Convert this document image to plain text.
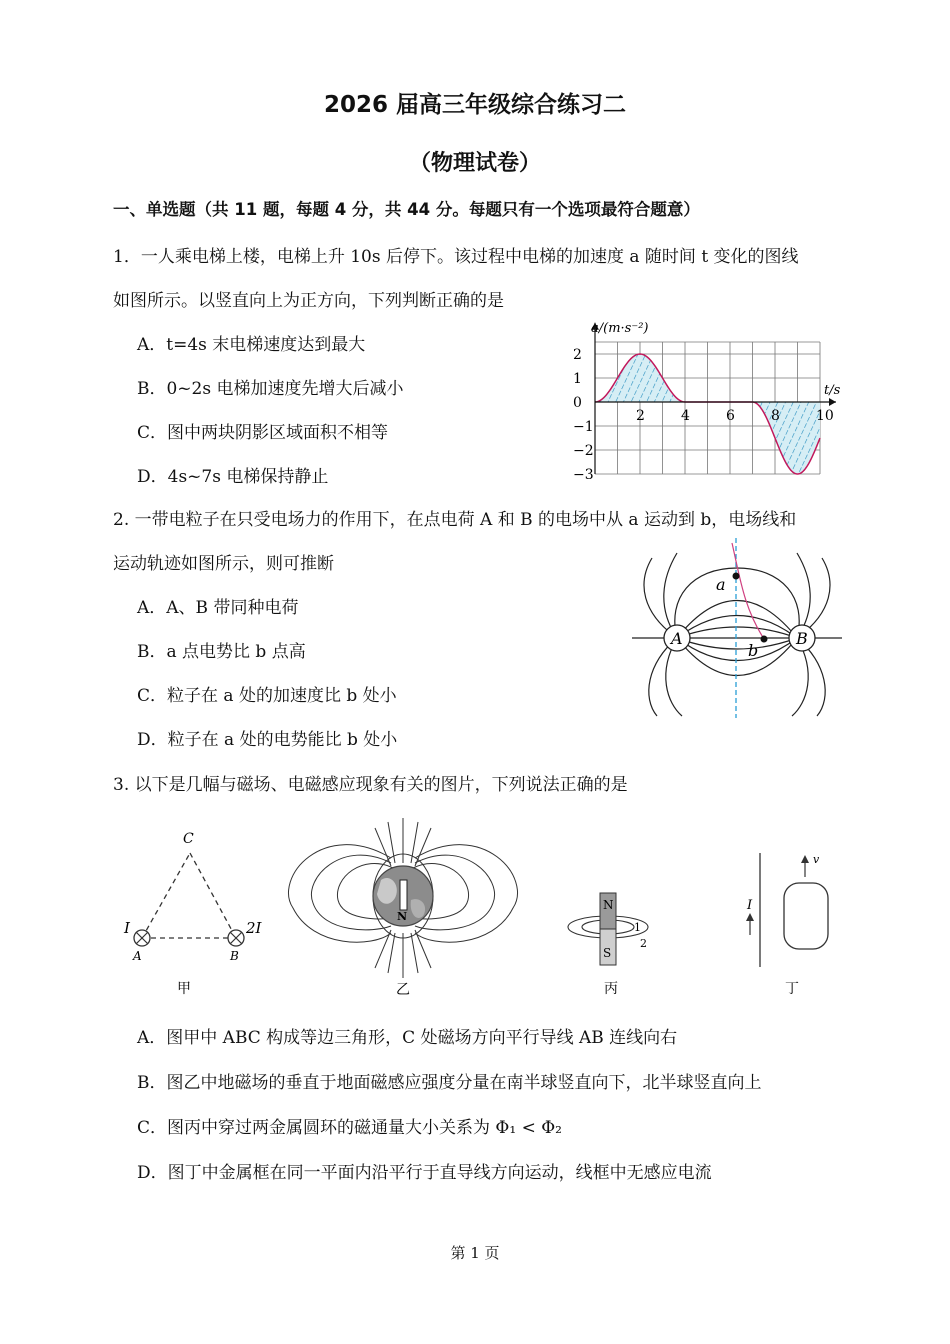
2026 届高三年级综合练习二
（物理试卷）
一、单选题（共 11 题，每题 4 分，共 44 分。每题只有一个选项最符合题意）
1．一人乘电梯上楼，电梯上升 10s 后停下。该过程中电梯的加速度 a 随时间 t 变化的图线
如图所示。以竖直向上为正方向，下列判断正确的是
A．t=4s 末电梯速度达到最大
B．0~2s 电梯加速度先增大后减小
C．图中两块阴影区域面积不相等
D．4s~7s 电梯保持静止
a/(m·s⁻²)
t/s
2
1
0
−1
−2
−3
2	4	6	8	10
2. 一带电粒子在只受电场力的作用下，在点电荷 A 和 B 的电场中从 a 运动到 b，电场线和
运动轨迹如图所示，则可推断
A．A、B 带同种电荷
B．a 点电势比 b 点高
C．粒子在 a 处的加速度比 b 处小
D．粒子在 a 处的电势能比 b 处小
A	B
a
b
3. 以下是几幅与磁场、电磁感应现象有关的图片，下列说法正确的是
C
I	2I
A	B
甲
N
乙
N
S
1
2
丙
I
v
丁
A．图甲中 ABC 构成等边三角形，C 处磁场方向平行导线 AB 连线向右
B．图乙中地磁场的垂直于地面磁感应强度分量在南半球竖直向下，北半球竖直向上
C．图丙中穿过两金属圆环的磁通量大小关系为 Φ₁ < Φ₂
D．图丁中金属框在同一平面内沿平行于直导线方向运动，线框中无感应电流
第 1 页
